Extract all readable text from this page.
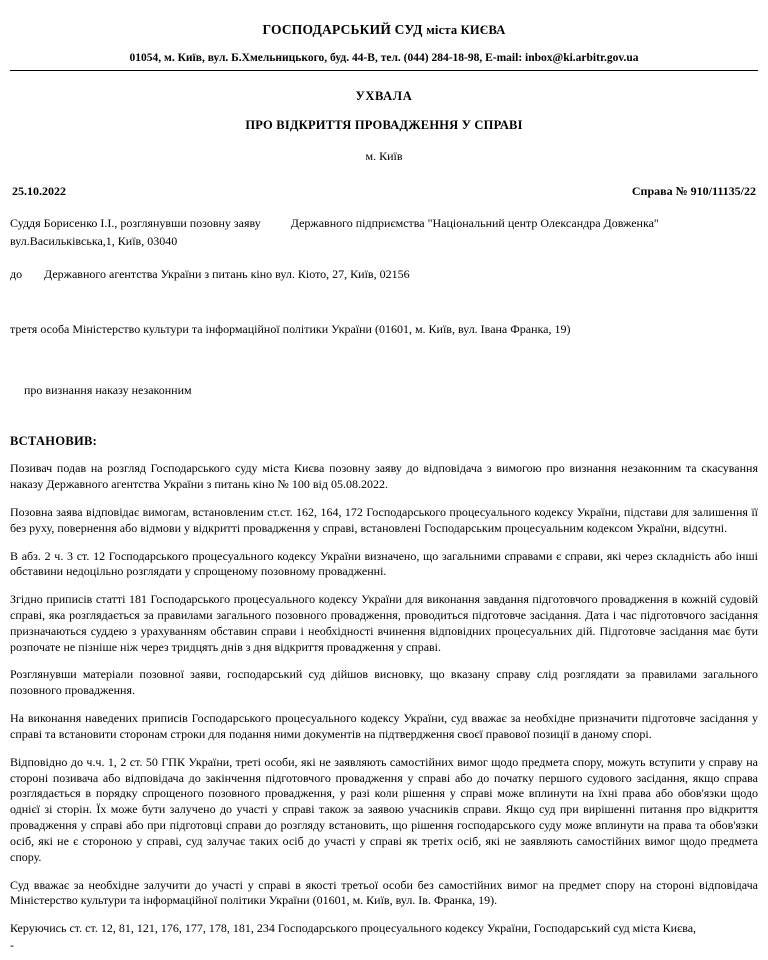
ГОСПОДАРСЬКИЙ СУД міста КИЄВА
01054, м. Київ, вул. Б.Хмельницького, буд. 44-В, тел. (044) 284-18-98, E-mail: inbox@ki.arbitr.gov.ua
УХВАЛА
ПРО ВІДКРИТТЯ ПРОВАДЖЕННЯ У СПРАВІ
м. Київ
25.10.2022	Справа № 910/11135/22
Суддя Борисенко І.І., розглянувши позовну заяву	Державного підприємства "Національний центр Олександра Довженка"
вул.Васильківська,1, Київ, 03040
до	Державного агентства України з питань кіно вул. Кіото, 27, Київ, 02156
третя особа Міністерство культури та інформаційної політики України (01601, м. Київ, вул. Івана Франка, 19)
про визнання наказу незаконним
ВСТАНОВИВ:

Позивач подав на розгляд Господарського суду міста Києва позовну заяву до відповідача з вимогою про визнання незаконним та скасування наказу Державного агентства України з питань кіно № 100 від 05.08.2022.

Позовна заява відповідає вимогам, встановленим ст.ст. 162, 164, 172 Господарського процесуального кодексу України, підстави для залишення її без руху, повернення або відмови у відкритті провадження у справі, встановлені Господарським процесуальним кодексом України, відсутні.

В абз. 2 ч. 3 ст. 12 Господарського процесуального кодексу України визначено, що загальними справами є справи, які через складність або інші обставини недоцільно розглядати у спрощеному позовному провадженні.

Згідно приписів статті 181 Господарського процесуального кодексу України для виконання завдання підготовчого провадження в кожній судовій справі, яка розглядається за правилами загального позовного провадження, проводиться підготовче засідання. Дата і час підготовчого засідання призначаються суддею з урахуванням обставин справи і необхідності вчинення відповідних процесуальних дій. Підготовче засідання має бути розпочате не пізніше ніж через тридцять днів з дня відкриття провадження у справі.

Розглянувши матеріали позовної заяви, господарський суд дійшов висновку, що вказану справу слід розглядати за правилами загального позовного провадження.

На виконання наведених приписів Господарського процесуального кодексу України, суд вважає за необхідне призначити підготовче засідання у справі та встановити сторонам строки для подання ними документів на підтвердження своєї правової позиції в даному спорі.

Відповідно до ч.ч. 1, 2 ст. 50 ГПК України, треті особи, які не заявляють самостійних вимог щодо предмета спору, можуть вступити у справу на стороні позивача або відповідача до закінчення підготовчого провадження у справі або до початку першого судового засідання, якщо справа розглядається в порядку спрощеного позовного провадження, у разі коли рішення у справі може вплинути на їхні права або обов'язки щодо однієї зі сторін. Їх може бути залучено до участі у справі також за заявою учасників справи. Якщо суд при вирішенні питання про відкриття провадження у справі або при підготовці справи до розгляду встановить, що рішення господарського суду може вплинути на права та обов'язки осіб, які не є стороною у справі, суд залучає таких осіб до участі у справі як третіх осіб, які не заявляють самостійних вимог щодо предмета спору.

Суд вважає за необхідне залучити до участі у справі в якості третьої особи без самостійних вимог на предмет спору на стороні відповідача Міністерство культури та інформаційної політики України (01601, м. Київ, вул. Ів. Франка, 19).

Керуючись ст. ст. 12, 81, 121, 176, 177, 178, 181, 234 Господарського процесуального кодексу України, Господарський суд міста Києва,

-
